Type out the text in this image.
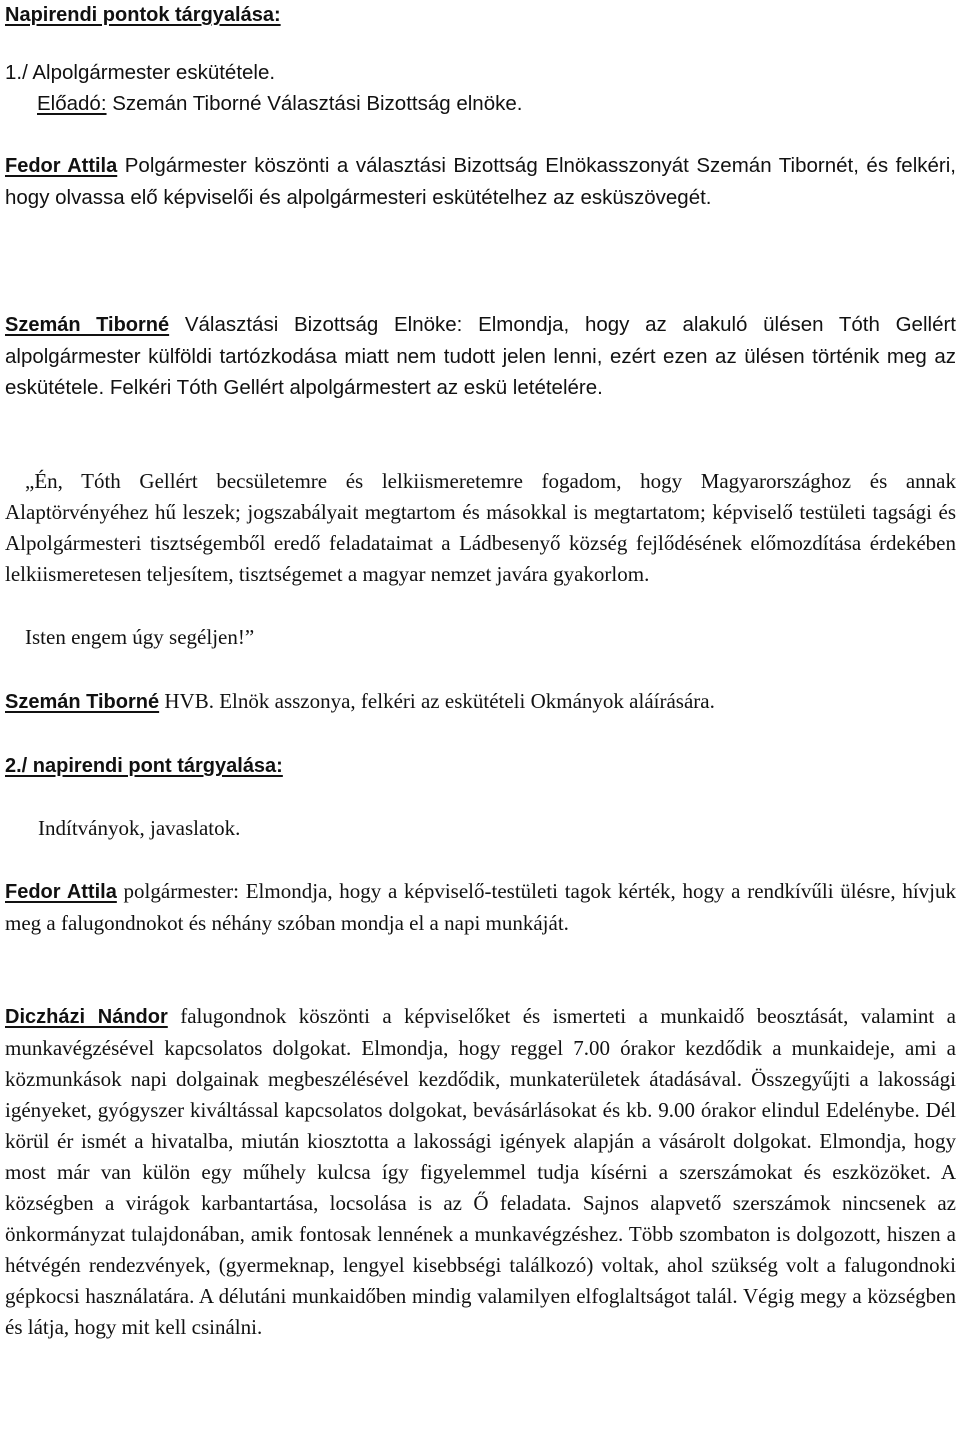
Napirendi pontok tárgyalása:
1./ Alpolgármester eskütétele.
Előadó: Szemán Tiborné Választási Bizottság elnöke.
Fedor Attila Polgármester köszönti a választási Bizottság Elnökasszonyát Szemán Tibornét, és felkéri, hogy olvassa elő képviselői és alpolgármesteri eskütételhez az esküszövegét.
Szemán Tiborné Választási Bizottság Elnöke: Elmondja, hogy az alakuló ülésen Tóth Gellért alpolgármester külföldi tartózkodása miatt nem tudott jelen lenni, ezért ezen az ülésen történik meg az eskütétele. Felkéri Tóth Gellért alpolgármestert az eskü letételére.
„Én, Tóth Gellért becsületemre és lelkiismeretemre fogadom, hogy Magyarországhoz és annak Alaptörvényéhez hű leszek; jogszabályait megtartom és másokkal is megtartatom; képviselő testületi tagsági és Alpolgármesteri tisztségemből eredő feladataimat a Ládbesenyő község fejlődésének előmozdítása érdekében lelkiismeretesen teljesítem, tisztségemet a magyar nemzet javára gyakorlom.
Isten engem úgy segéljen!”
Szemán Tiborné HVB. Elnök asszonya, felkéri az eskütételi Okmányok aláírására.
2./ napirendi pont tárgyalása:
Indítványok, javaslatok.
Fedor Attila polgármester: Elmondja, hogy a képviselő-testületi tagok kérték, hogy a rendkívűli ülésre, hívjuk meg a falugondnokot és néhány szóban mondja el a napi munkáját.
Diczházi Nándor falugondnok köszönti a képviselőket és ismerteti a munkaidő beosztását, valamint a munkavégzésével kapcsolatos dolgokat. Elmondja, hogy reggel 7.00 órakor kezdődik a munkaideje, ami a közmunkások napi dolgainak megbeszélésével kezdődik, munkaterületek átadásával. Összegyűjti a lakossági igényeket, gyógyszer kiváltással kapcsolatos dolgokat, bevásárlásokat és kb. 9.00 órakor elindul Edelénybe. Dél körül ér ismét a hivatalba, miután kiosztotta a lakossági igények alapján a vásárolt dolgokat. Elmondja, hogy most már van külön egy műhely kulcsa így figyelemmel tudja kísérni a szerszámokat és eszközöket. A községben a virágok karbantartása, locsolása is az Ő feladata. Sajnos alapvető szerszámok nincsenek az önkormányzat tulajdonában, amik fontosak lennének a munkavégzéshez. Több szombaton is dolgozott, hiszen a hétvégén rendezvények, (gyermeknap, lengyel kisebbségi találkozó) voltak, ahol szükség volt a falugondnoki gépkocsi használatára. A délutáni munkaidőben mindig valamilyen elfoglaltságot talál. Végig megy a községben és látja, hogy mit kell csinálni.
